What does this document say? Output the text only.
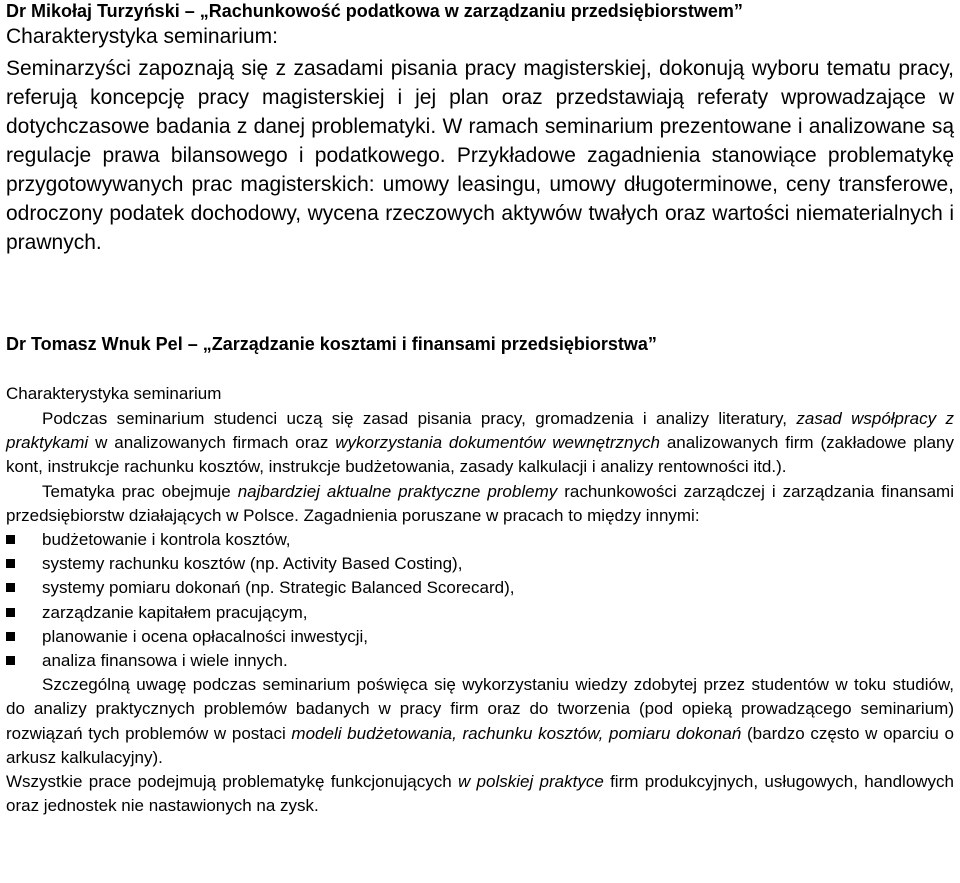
Dr Mikołaj Turzyński – „Rachunkowość podatkowa w zarządzaniu przedsiębiorstwem”
Charakterystyka seminarium:

Seminarzyści zapoznają się z zasadami pisania pracy magisterskiej, dokonują wyboru tematu pracy, referują koncepcję pracy magisterskiej i jej plan oraz przedstawiają referaty wprowadzające w dotychczasowe badania z danej problematyki. W ramach seminarium prezentowane i analizowane są regulacje prawa bilansowego i podatkowego. Przykładowe zagadnienia stanowiące problematykę przygotowywanych prac magisterskich: umowy leasingu, umowy długoterminowe, ceny transferowe, odroczony podatek dochodowy, wycena rzeczowych aktywów twałych oraz wartości niematerialnych i prawnych.

Dr Tomasz Wnuk Pel – „Zarządzanie kosztami i finansami przedsiębiorstwa”
Charakterystyka seminarium

Podczas seminarium studenci uczą się zasad pisania pracy, gromadzenia i analizy literatury, zasad współpracy z praktykami w analizowanych firmach oraz wykorzystania dokumentów wewnętrznych analizowanych firm (zakładowe plany kont, instrukcje rachunku kosztów, instrukcje budżetowania, zasady kalkulacji i analizy rentowności itd.).

Tematyka prac obejmuje najbardziej aktualne praktyczne problemy rachunkowości zarządczej i zarządzania finansami przedsiębiorstw działających w Polsce. Zagadnienia poruszane w pracach to między innymi:

budżetowanie i kontrola kosztów,
systemy rachunku kosztów (np. Activity Based Costing),
systemy pomiaru dokonań (np. Strategic Balanced Scorecard),
zarządzanie kapitałem pracującym,
planowanie i ocena opłacalności inwestycji,
analiza finansowa i wiele innych.

Szczególną uwagę podczas seminarium poświęca się wykorzystaniu wiedzy zdobytej przez studentów w toku studiów, do analizy praktycznych problemów badanych w pracy firm oraz do tworzenia (pod opieką prowadzącego seminarium) rozwiązań tych problemów w postaci modeli budżetowania, rachunku kosztów, pomiaru dokonań (bardzo często w oparciu o arkusz kalkulacyjny).

Wszystkie prace podejmują problematykę funkcjonujących w polskiej praktyce firm produkcyjnych, usługowych, handlowych oraz jednostek nie nastawionych na zysk.
